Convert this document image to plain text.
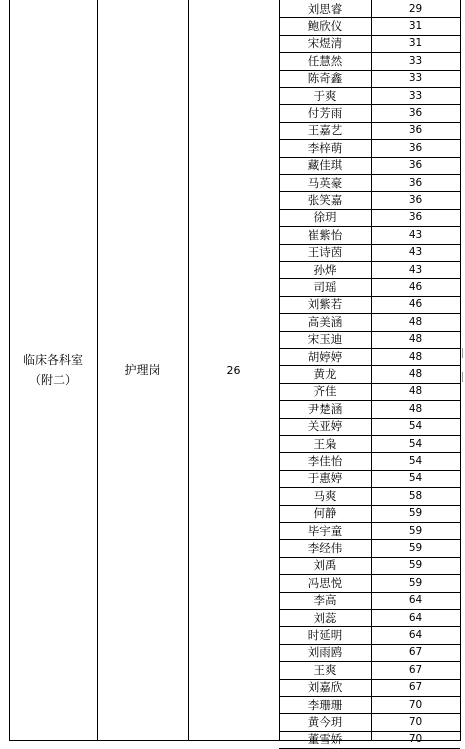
临床各科室
（附二）
护理岗	26
刘思睿	29
鲍欣仪	31
宋煜清	31
任慧然	33
陈奇鑫	33
于爽	33
付芳雨	36
王嘉艺	36
李梓萌	36
藏佳琪	36
马英豪	36
张笑嘉	36
徐玥	36
崔紫怡	43
王诗茵	43
孙烨	43
司瑶	46
刘紫若	46
高美涵	48
宋玉迪	48
胡婷婷	48
黄龙	48
齐佳	48
尹楚涵	48
关亚婷	54
王枭	54
李佳怡	54
于惠婷	54
马爽	58
何静	59
毕宇童	59
李经伟	59
刘禹	59
冯思悦	59
李高	64
刘蕊	64
时延明	64
刘雨鸥	67
王爽	67
刘嘉欣	67
李珊珊	70
黄今玥	70
董雪娇	70
